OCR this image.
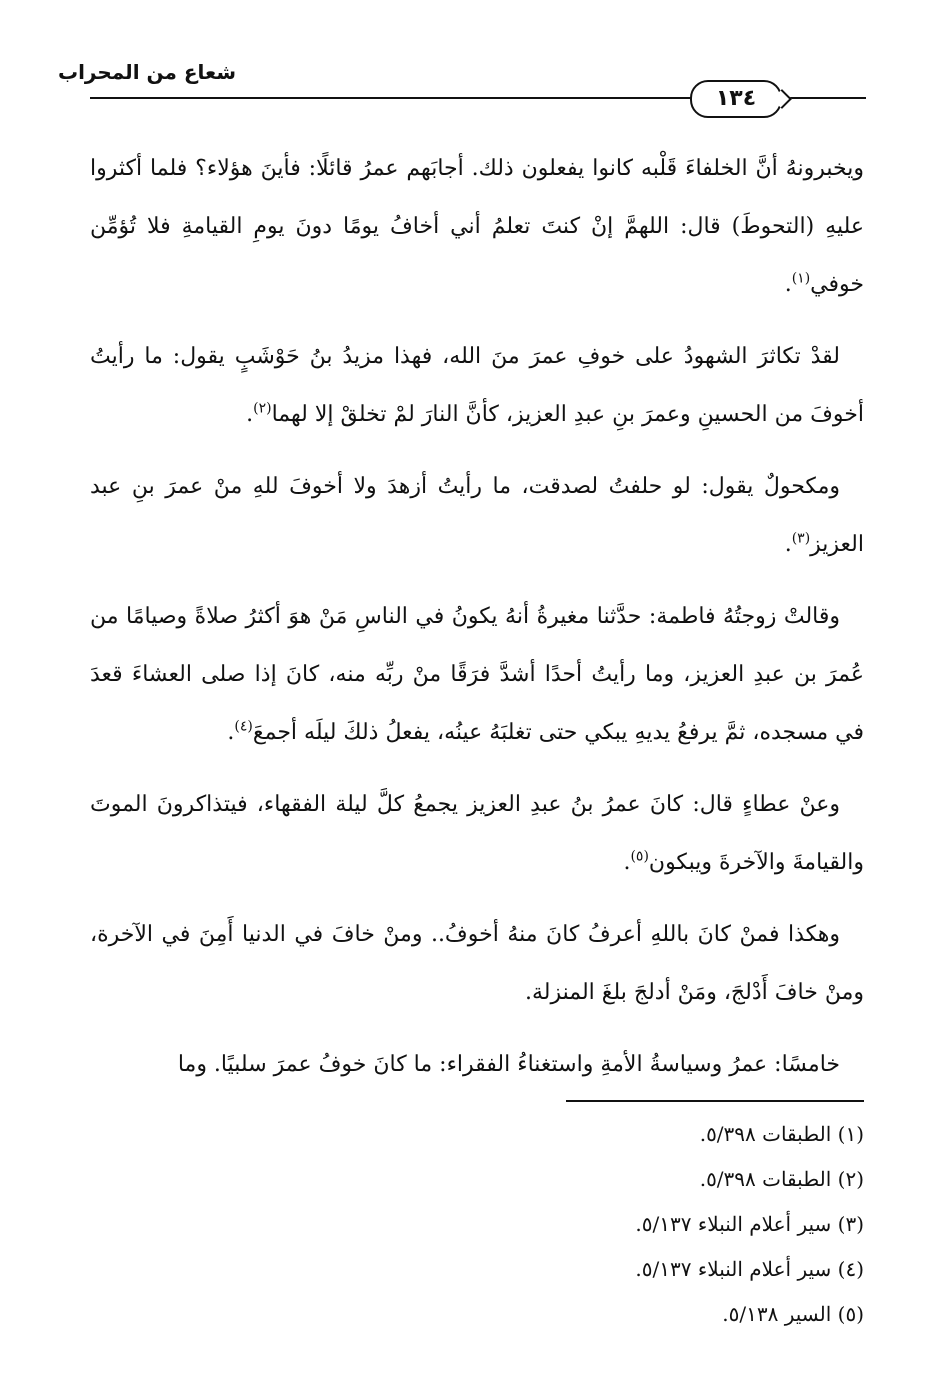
شعاع من المحراب
١٣٤

ويخبرونهُ أنَّ الخلفاءَ قَلْبه كانوا يفعلون ذلك. أجابَهم عمرُ قائلًا: فأينَ هؤلاء؟ فلما أكثروا عليهِ (التحوطَ) قال: اللهمَّ إنْ كنتَ تعلمُ أني أخافُ يومًا دونَ يومِ القيامةِ فلا تُؤمِّن خوفي$^{(١)}$.

لقدْ تكاثرَ الشهودُ على خوفِ عمرَ منَ الله، فهذا مزيدُ بنُ حَوْشَبٍ يقول: ما رأيتُ أخوفَ من الحسينِ وعمرَ بنِ عبدِ العزيز، كأنَّ النارَ لمْ تخلقْ إلا لهما$^{(٢)}$.

ومكحولٌ يقول: لو حلفتُ لصدقت، ما رأيتُ أزهدَ ولا أخوفَ للهِ منْ عمرَ بنِ عبد العزيز$^{(٣)}$.

وقالتْ زوجتُهُ فاطمة: حدَّثنا مغيرةُ أنهُ يكونُ في الناسِ مَنْ هوَ أكثرُ صلاةً وصيامًا من عُمرَ بن عبدِ العزيز، وما رأيتُ أحدًا أشدَّ فرَقًا منْ ربِّه منه، كانَ إذا صلى العشاءَ قعدَ في مسجده، ثمَّ يرفعُ يديهِ يبكي حتى تغلبَهُ عينُه، يفعلُ ذلكَ ليلَه أجمعَ$^{(٤)}$.

وعنْ عطاءٍ قال: كانَ عمرُ بنُ عبدِ العزيز يجمعُ كلَّ ليلة الفقهاء، فيتذاكرونَ الموتَ والقيامةَ والآخرةَ ويبكون$^{(٥)}$.

وهكذا فمنْ كانَ باللهِ أعرفُ كانَ منهُ أخوفُ.. ومنْ خافَ في الدنيا أَمِنَ في الآخرة، ومنْ خافَ أَدْلجَ، ومَنْ أدلجَ بلغَ المنزلة.

خامسًا: عمرُ وسياسةُ الأمةِ واستغناءُ الفقراء: ما كانَ خوفُ عمرَ سلبيًا. وما

(١) الطبقات ٥/٣٩٨.
(٢) الطبقات ٥/٣٩٨.
(٣) سير أعلام النبلاء ٥/١٣٧.
(٤) سير أعلام النبلاء ٥/١٣٧.
(٥) السير ٥/١٣٨.
